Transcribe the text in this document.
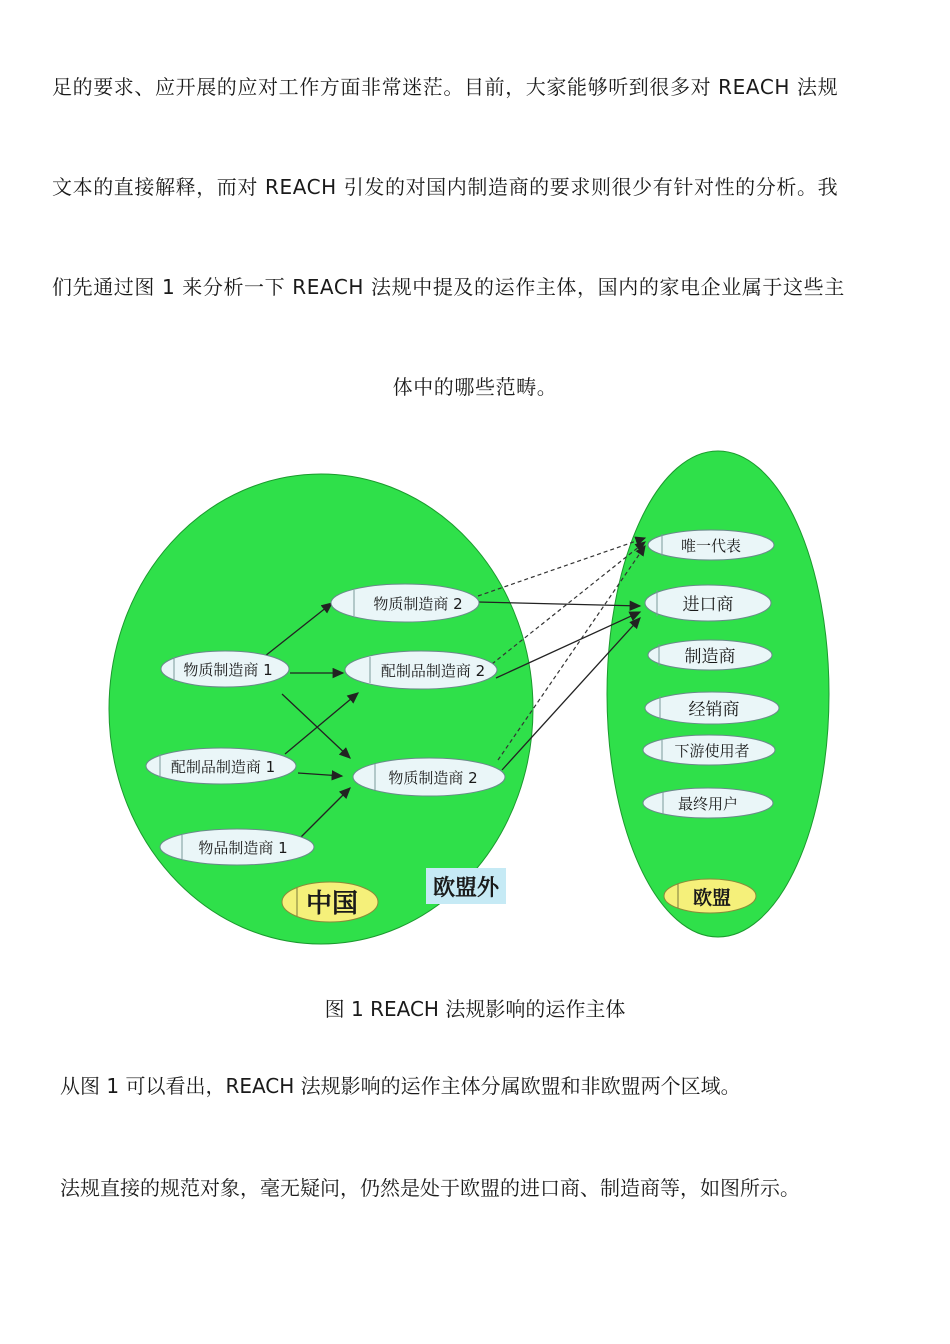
足的要求、应开展的应对工作方面非常迷茫。目前，大家能够听到很多对 REACH 法规
文本的直接解释，而对 REACH 引发的对国内制造商的要求则很少有针对性的分析。我
们先通过图 1 来分析一下 REACH 法规中提及的运作主体，国内的家电企业属于这些主
体中的哪些范畴。
物质制造商 1
配制品制造商 1
物品制造商 1
物质制造商 2
配制品制造商 2
物质制造商 2
唯一代表
进口商
制造商
经销商
下游使用者
最终用户
中国
欧盟外	欧盟
图 1 REACH 法规影响的运作主体
从图 1 可以看出，REACH 法规影响的运作主体分属欧盟和非欧盟两个区域。
法规直接的规范对象，毫无疑问，仍然是处于欧盟的进口商、制造商等，如图所示。
